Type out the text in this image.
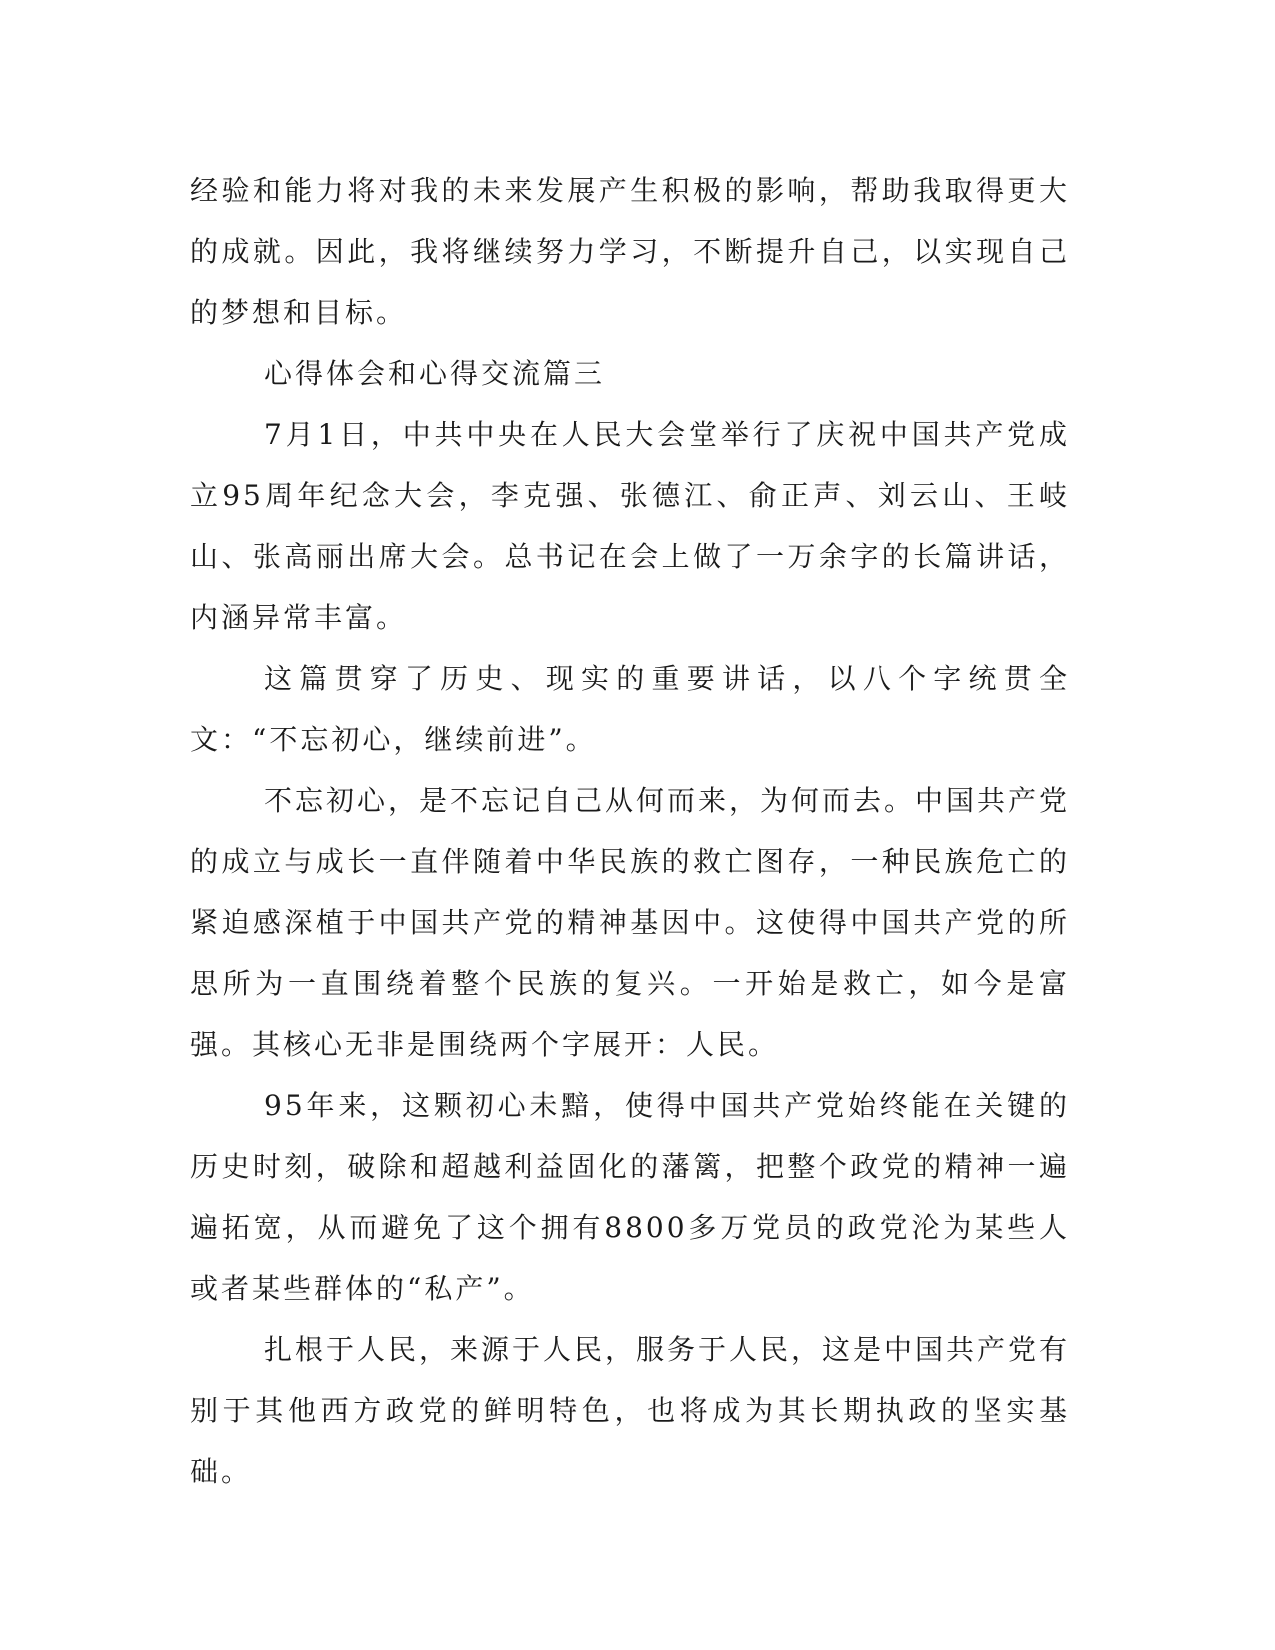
经验和能力将对我的未来发展产生积极的影响，帮助我取得更大的成就。因此，我将继续努力学习，不断提升自己，以实现自己的梦想和目标。

心得体会和心得交流篇三

7月1日，中共中央在人民大会堂举行了庆祝中国共产党成立95周年纪念大会，李克强、张德江、俞正声、刘云山、王岐山、张高丽出席大会。总书记在会上做了一万余字的长篇讲话，内涵异常丰富。

这篇贯穿了历史、现实的重要讲话，以八个字统贯全文：“不忘初心，继续前进”。

不忘初心，是不忘记自己从何而来，为何而去。中国共产党的成立与成长一直伴随着中华民族的救亡图存，一种民族危亡的紧迫感深植于中国共产党的精神基因中。这使得中国共产党的所思所为一直围绕着整个民族的复兴。一开始是救亡，如今是富强。其核心无非是围绕两个字展开：人民。

95年来，这颗初心未黯，使得中国共产党始终能在关键的历史时刻，破除和超越利益固化的藩篱，把整个政党的精神一遍遍拓宽，从而避免了这个拥有8800多万党员的政党沦为某些人或者某些群体的“私产”。

扎根于人民，来源于人民，服务于人民，这是中国共产党有别于其他西方政党的鲜明特色，也将成为其长期执政的坚实基础。
